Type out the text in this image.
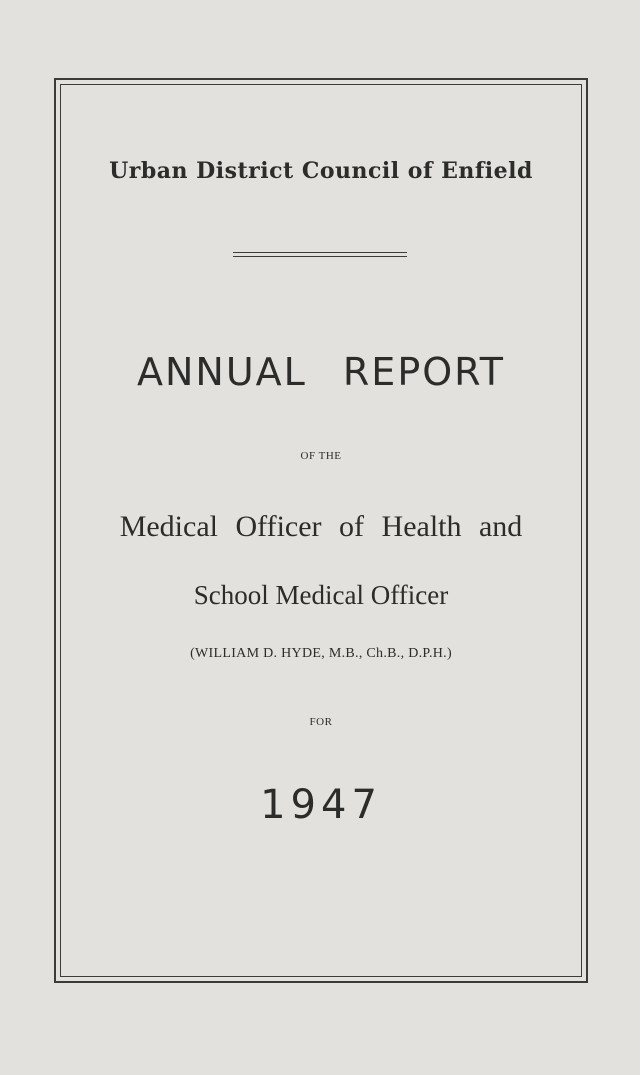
Urban District Council of Enfield
ANNUAL REPORT
OF THE
Medical Officer of Health and
School Medical Officer
(WILLIAM D. HYDE, M.B., Ch.B., D.P.H.)
FOR
1947
